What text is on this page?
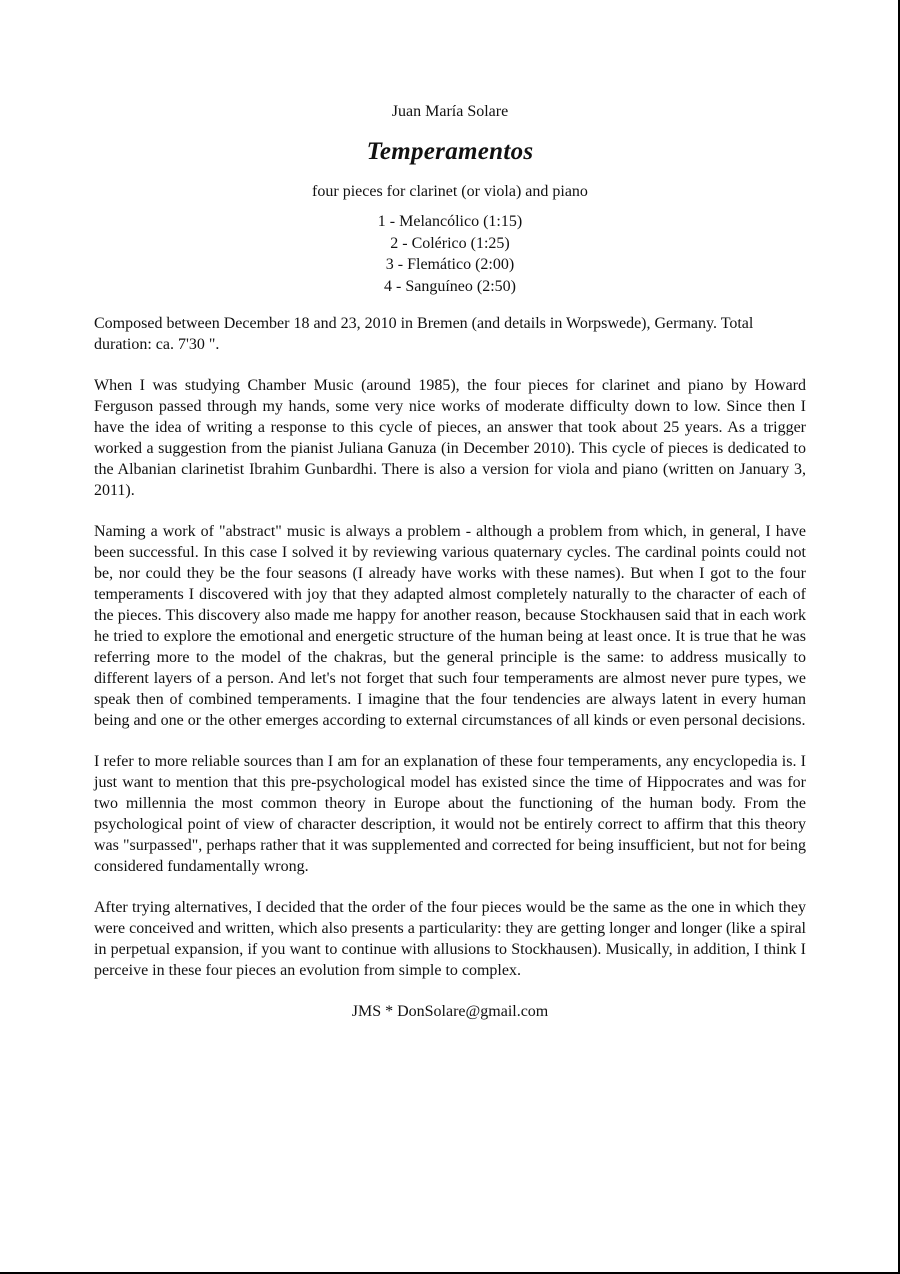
Juan María Solare
Temperamentos
four pieces for clarinet (or viola) and piano
1 - Melancólico (1:15)
2 - Colérico (1:25)
3 - Flemático (2:00)
4 - Sanguíneo (2:50)

Composed between December 18 and 23, 2010 in Bremen (and details in Worpswede), Germany. Total duration: ca. 7'30 ".

When I was studying Chamber Music (around 1985), the four pieces for clarinet and piano by Howard Ferguson passed through my hands, some very nice works of moderate difficulty down to low. Since then I have the idea of writing a response to this cycle of pieces, an answer that took about 25 years. As a trigger worked a suggestion from the pianist Juliana Ganuza (in December 2010). This cycle of pieces is dedicated to the Albanian clarinetist Ibrahim Gunbardhi. There is also a version for viola and piano (written on January 3, 2011).

Naming a work of "abstract" music is always a problem - although a problem from which, in general, I have been successful. In this case I solved it by reviewing various quaternary cycles. The cardinal points could not be, nor could they be the four seasons (I already have works with these names). But when I got to the four temperaments I discovered with joy that they adapted almost completely naturally to the character of each of the pieces. This discovery also made me happy for another reason, because Stockhausen said that in each work he tried to explore the emotional and energetic structure of the human being at least once. It is true that he was referring more to the model of the chakras, but the general principle is the same: to address musically to different layers of a person. And let's not forget that such four temperaments are almost never pure types, we speak then of combined temperaments. I imagine that the four tendencies are always latent in every human being and one or the other emerges according to external circumstances of all kinds or even personal decisions.

I refer to more reliable sources than I am for an explanation of these four temperaments, any encyclopedia is. I just want to mention that this pre-psychological model has existed since the time of Hippocrates and was for two millennia the most common theory in Europe about the functioning of the human body. From the psychological point of view of character description, it would not be entirely correct to affirm that this theory was "surpassed", perhaps rather that it was supplemented and corrected for being insufficient, but not for being considered fundamentally wrong.

After trying alternatives, I decided that the order of the four pieces would be the same as the one in which they were conceived and written, which also presents a particularity: they are getting longer and longer (like a spiral in perpetual expansion, if you want to continue with allusions to Stockhausen). Musically, in addition, I think I perceive in these four pieces an evolution from simple to complex.

JMS * DonSolare@gmail.com
